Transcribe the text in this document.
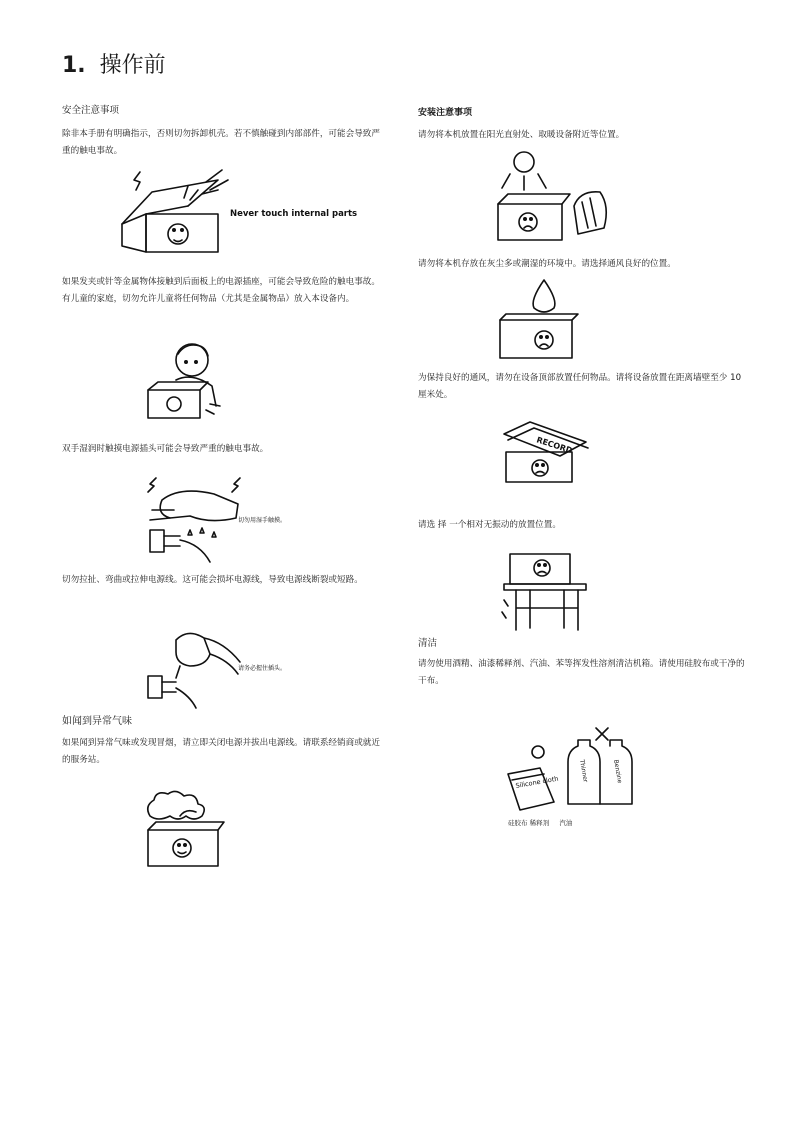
1. 操作前
安全注意事项
除非本手册有明确指示，否则切勿拆卸机壳。若不慎触碰到内部部件，可能会导致严重的触电事故。
Never touch internal parts
如果发夹或针等金属物体接触到后面板上的电源插座，可能会导致危险的触电事故。有儿童的家庭，切勿允许儿童将任何物品（尤其是金属物品）放入本设备内。
双手湿润时触摸电源插头可能会导致严重的触电事故。
切勿用湿手触摸。
切勿拉扯、弯曲或拉伸电源线。这可能会损坏电源线，导致电源线断裂或短路。
请务必握住插头。
如闻到异常气味
如果闻到异常气味或发现冒烟，请立即关闭电源并拔出电源线。请联系经销商或就近的服务站。
安装注意事项
请勿将本机放置在阳光直射处、取暖设备附近等位置。
请勿将本机存放在灰尘多或潮湿的环境中。请选择通风良好的位置。
为保持良好的通风，请勿在设备顶部放置任何物品。请将设备放置在距离墙壁至少 10 厘米处。
RECORD
请选 择 一个相对无振动的放置位置。
清洁
请勿使用酒精、油漆稀释剂、汽油、苯等挥发性溶剂清洁机箱。请使用硅胶布或干净的干布。
Silicone cloth	Thinner	Benzine
硅胶布 稀释剂     汽油
